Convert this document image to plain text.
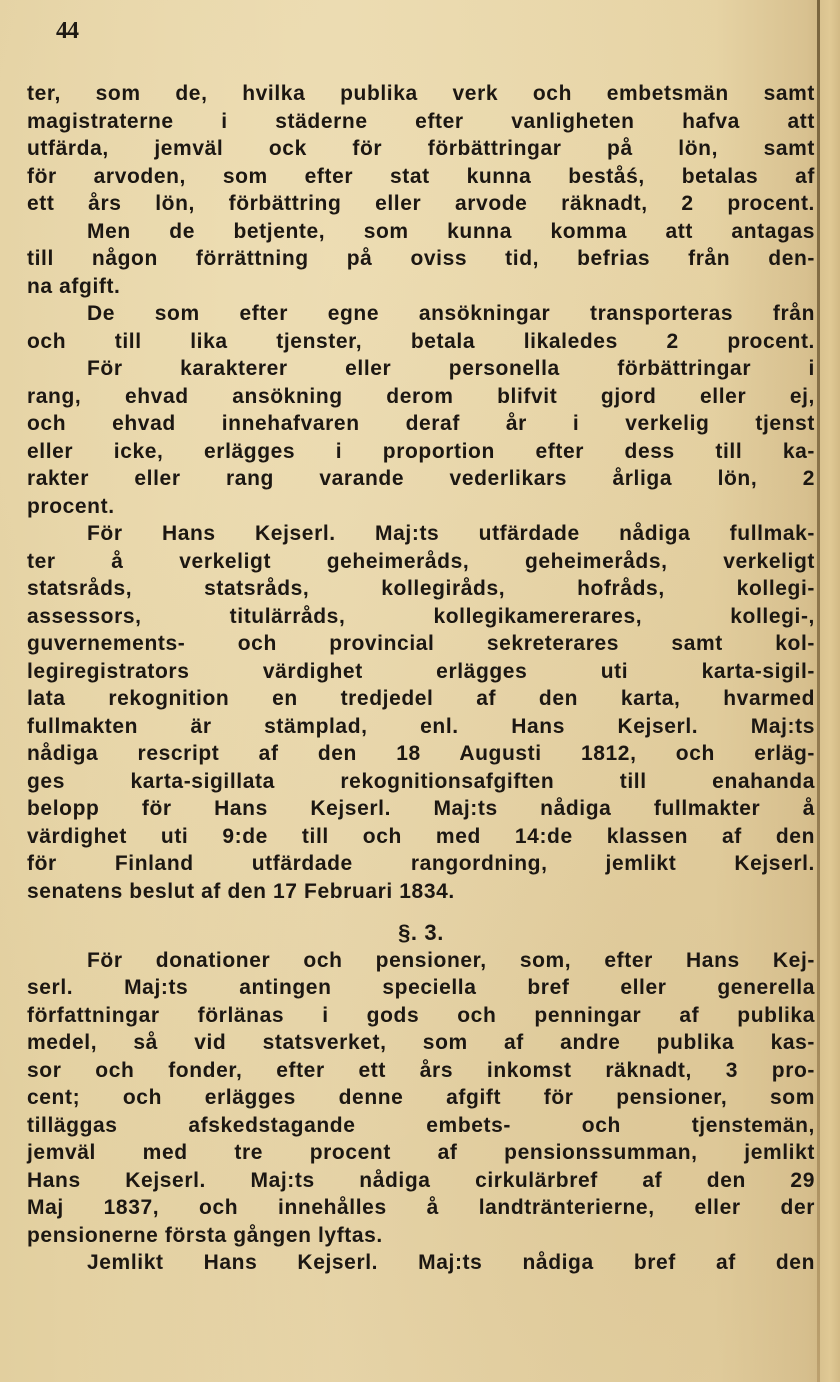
44
ter, som de, hvilka publika verk och embetsmän samt
magistraterne i städerne efter vanligheten hafva att
utfärda, jemväl ock för förbättringar på lön, samt
för arvoden, som efter stat kunna beståś, betalas af
ett års lön, förbättring eller arvode räknadt, 2 procent.
Men de betjente, som kunna komma att antagas
till någon förrättning på oviss tid, befrias från den-
na afgift.
De som efter egne ansökningar transporteras från
och till lika tjenster, betala likaledes 2 procent.
För karakterer eller personella förbättringar i
rang, ehvad ansökning derom blifvit gjord eller ej,
och ehvad innehafvaren deraf år i verkelig tjenst
eller icke, erlägges i proportion efter dess till ka-
rakter eller rang varande vederlikars årliga lön, 2
procent.
För Hans Kejserl. Maj:ts utfärdade nådiga fullmak-
ter å verkeligt geheimeråds, geheimeråds, verkeligt
statsråds, statsråds, kollegiråds, hofråds, kollegi-
assessors, titulärråds, kollegikamererares, kollegi-,
guvernements- och provincial sekreterares samt kol-
legiregistrators värdighet erlägges uti karta-sigil-
lata rekognition en tredjedel af den karta, hvarmed
fullmakten är stämplad, enl. Hans Kejserl. Maj:ts
nådiga rescript af den 18 Augusti 1812, och erläg-
ges karta-sigillata rekognitionsafgiften till enahanda
belopp för Hans Kejserl. Maj:ts nådiga fullmakter å
värdighet uti 9:de till och med 14:de klassen af den
för Finland utfärdade rangordning, jemlikt Kejserl.
senatens beslut af den 17 Februari 1834.
§. 3.
För donationer och pensioner, som, efter Hans Kej-
serl. Maj:ts antingen speciella bref eller generella
författningar förlänas i gods och penningar af publika
medel, så vid statsverket, som af andre publika kas-
sor och fonder, efter ett års inkomst räknadt, 3 pro-
cent; och erlägges denne afgift för pensioner, som
tilläggas afskedstagande embets- och tjenstemän,
jemväl med tre procent af pensionssumman, jemlikt
Hans Kejserl. Maj:ts nådiga cirkulärbref af den 29
Maj 1837, och innehålles å landtränterierne, eller der
pensionerne första gången lyftas.
Jemlikt Hans Kejserl. Maj:ts nådiga bref af den
